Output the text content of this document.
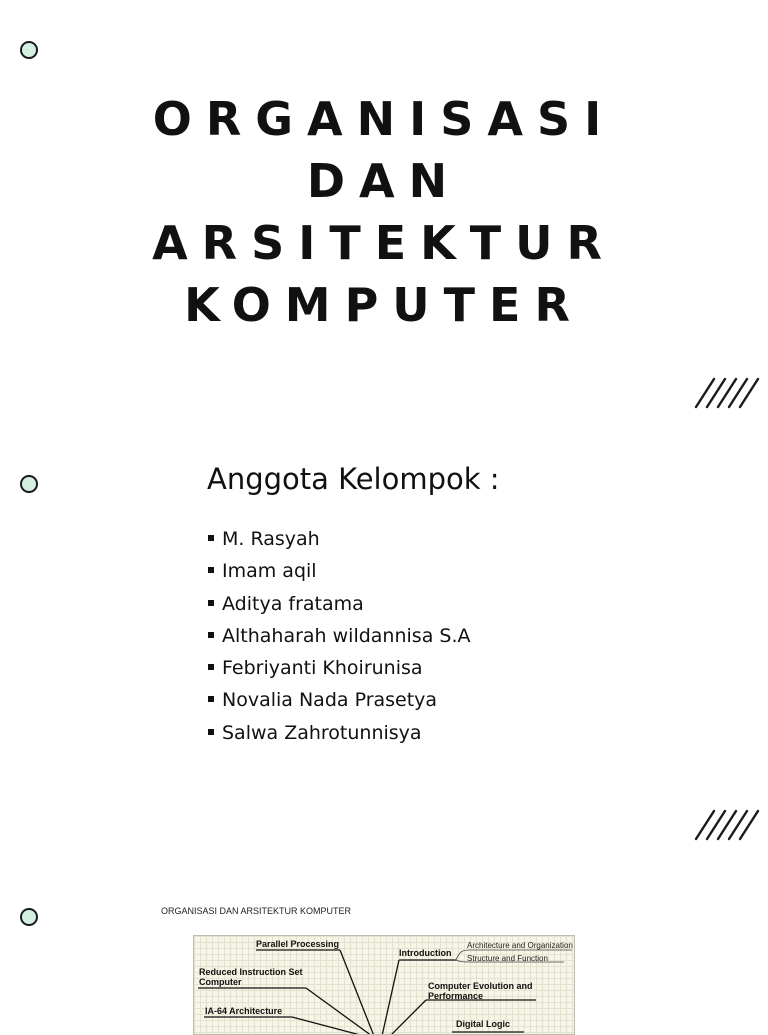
ORGANISASI
DAN
ARSITEKTUR
KOMPUTER
Anggota Kelompok :
M. Rasyah
Imam aqil
Aditya fratama
Althaharah wildannisa S.A
Febriyanti Khoirunisa
Novalia Nada Prasetya
Salwa Zahrotunnisya
ORGANISASI DAN ARSITEKTUR KOMPUTER
Parallel Processing
Reduced Instruction Set
Computer
IA-64 Architecture
Introduction
Architecture and Organization
Structure and Function
Computer Evolution and
Performance
Digital Logic
